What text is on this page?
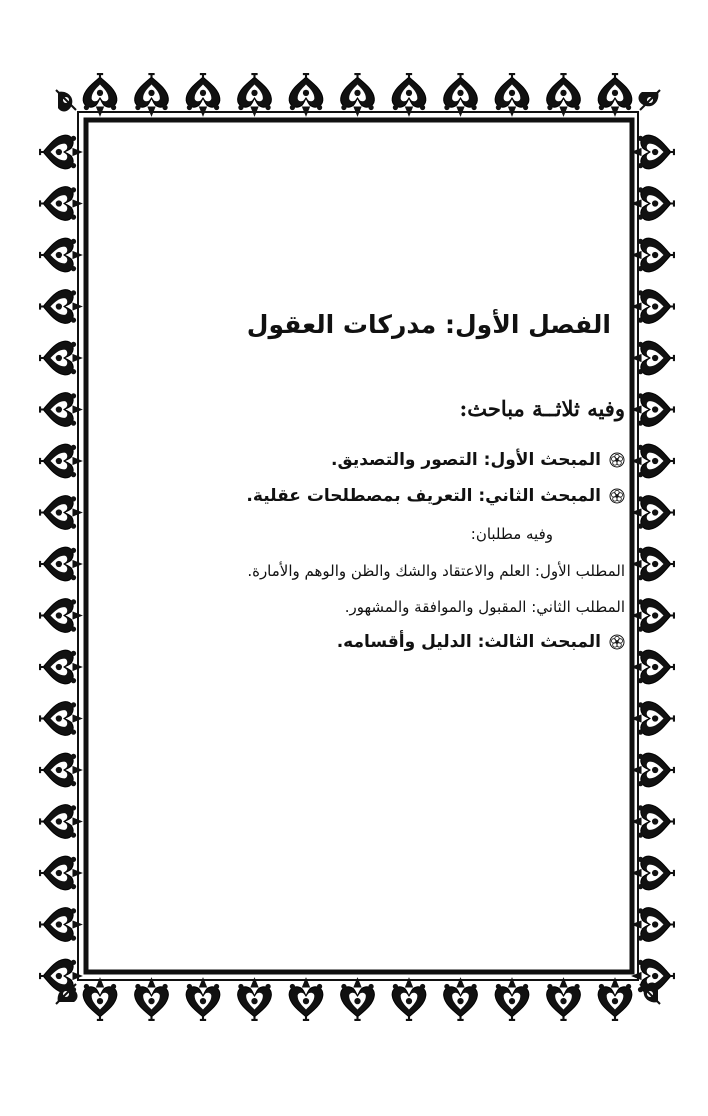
الفصل الأول: مدركات العقول
وفيه ثلاثــة مباحث:
المبحث الأول: التصور والتصديق.
المبحث الثاني: التعريف بمصطلحات عقلية.
وفيه مطلبان:
المطلب الأول: العلم والاعتقاد والشك والظن والوهم والأمارة.
المطلب الثاني: المقبول والموافقة والمشهور.
المبحث الثالث: الدليل وأقسامه.
